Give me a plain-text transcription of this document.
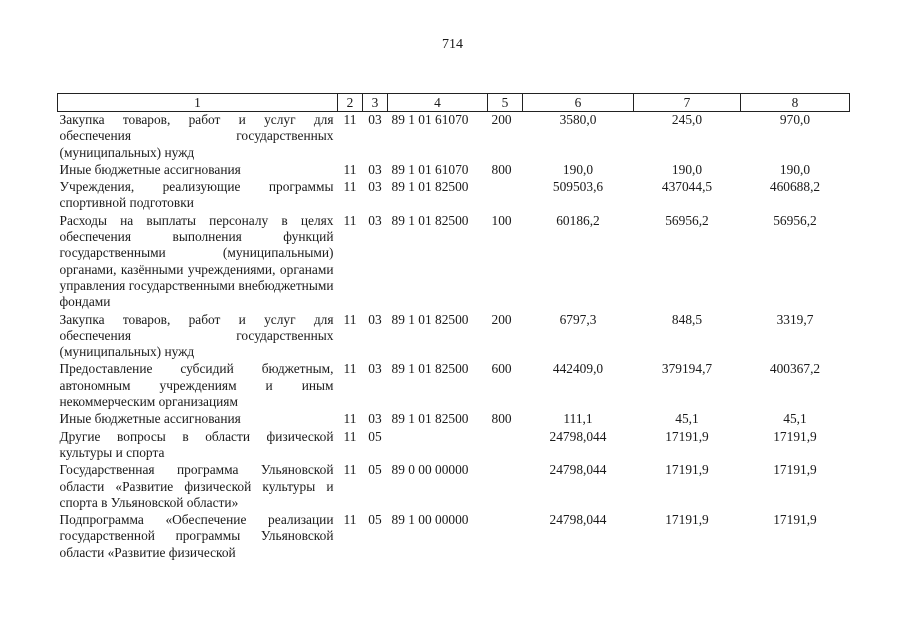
714
1	2	3	4	5	6	7	8
Закупка товаров, работ и услуг для обеспечения государственных (муниципальных) нужд	11	03	89 1 01 61070	200	3580,0	245,0	970,0
Иные бюджетные ассигнования	11	03	89 1 01 61070	800	190,0	190,0	190,0
Учреждения, реализующие программы спортивной подготовки	11	03	89 1 01 82500		509503,6	437044,5	460688,2
Расходы на выплаты персоналу в целях обеспечения выполнения функций государственными (муниципальными) органами, казёнными учреждениями, органами управления государственными внебюджетными фондами	11	03	89 1 01 82500	100	60186,2	56956,2	56956,2
Закупка товаров, работ и услуг для обеспечения государственных (муниципальных) нужд	11	03	89 1 01 82500	200	6797,3	848,5	3319,7
Предоставление субсидий бюджетным, автономным учреждениям и иным некоммерческим организациям	11	03	89 1 01 82500	600	442409,0	379194,7	400367,2
Иные бюджетные ассигнования	11	03	89 1 01 82500	800	111,1	45,1	45,1
Другие вопросы в области физической культуры и спорта	11	05			24798,044	17191,9	17191,9
Государственная программа Ульяновской области «Развитие физической культуры и спорта в Ульяновской области»	11	05	89 0 00 00000		24798,044	17191,9	17191,9
Подпрограмма «Обеспечение реализации государственной программы Ульяновской области «Развитие физической	11	05	89 1 00 00000		24798,044	17191,9	17191,9
